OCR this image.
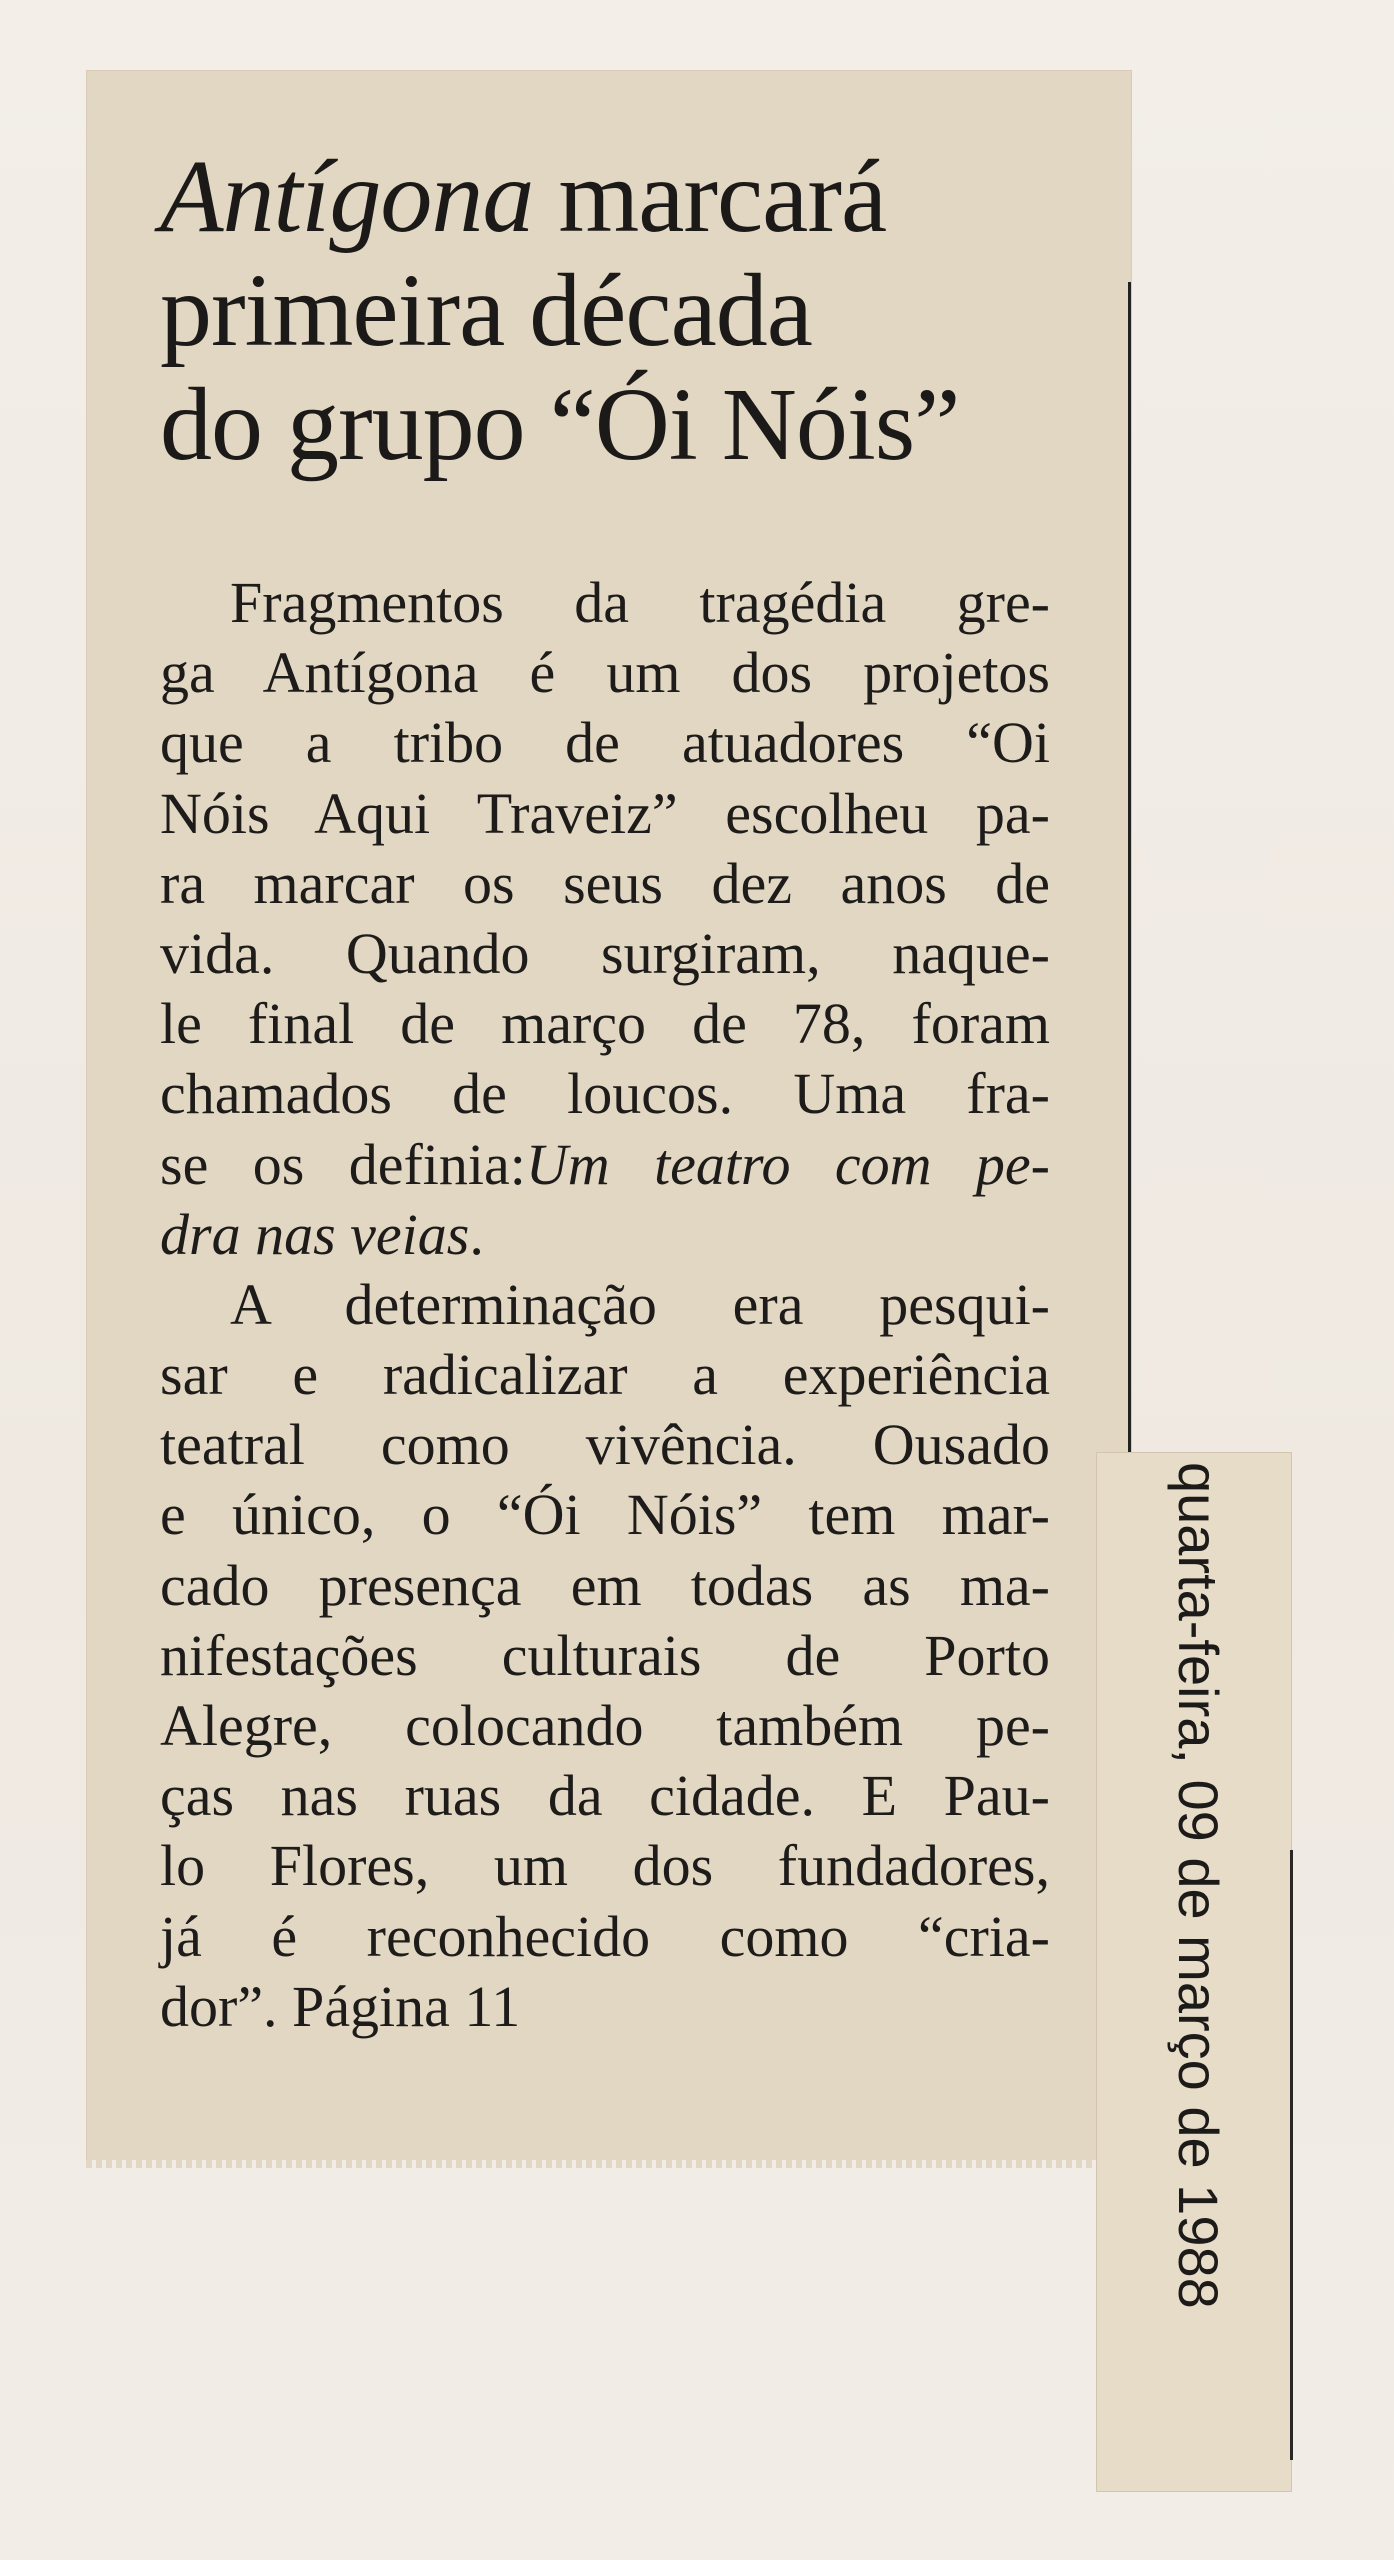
Antígona marcará
primeira década
do grupo “Ói Nóis”
Fragmentos da tragédia gre-
ga Antígona é um dos projetos
que a tribo de atuadores “Oi
Nóis Aqui Traveiz” escolheu pa-
ra marcar os seus dez anos de
vida. Quando surgiram, naque-
le final de março de 78, foram
chamados de loucos. Uma fra-
se os definia:Um teatro com pe-
dra nas veias.
A determinação era pesqui-
sar e radicalizar a experiência
teatral como vivência. Ousado
e único, o “Ói Nóis” tem mar-
cado presença em todas as ma-
nifestações culturais de Porto
Alegre, colocando também pe-
ças nas ruas da cidade. E Pau-
lo Flores, um dos fundadores,
já é reconhecido como “cria-
dor”. Página 11	quarta-feira, 09 de março de 1988
